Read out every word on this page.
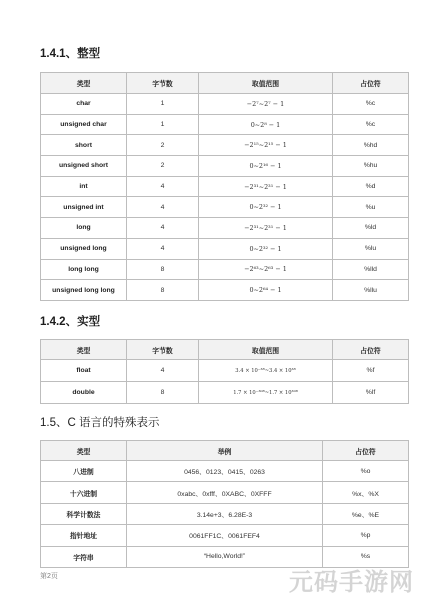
1.4.1、整型
类型	字节数	取值范围	占位符
char	1	−2⁷~2⁷ − 1	%c
unsigned char	1	0~2⁸ − 1	%c
short	2	−2¹⁵~2¹⁵ − 1	%hd
unsigned short	2	0~2¹⁶ − 1	%hu
int	4	−2³¹~2³¹ − 1	%d
unsigned int	4	0~2³² − 1	%u
long	4	−2³¹~2³¹ − 1	%ld
unsigned long	4	0~2³² − 1	%lu
long long	8	−2⁶³~2⁶³ − 1	%lld
unsigned long long	8	0~2⁶⁴ − 1	%llu
1.4.2、实型
类型	字节数	取值范围	占位符
float	4	3.4 × 10⁻³⁸~3.4 × 10³⁸	%f
double	8	1.7 × 10⁻³⁰⁸~1.7 × 10³⁰⁸	%lf
1.5、C 语言的特殊表示
类型	举例	占位符
八进制	0456、0123、0415、0263	%o
十六进制	0xabc、0xfff、0XABC、0XFFF	%x、%X
科学计数法	3.14e+3、6.28E-3	%e、%E
指针地址	0061FF1C、0061FEF4	%p
字符串	“Hello,World!”	%s
第2页	元码手游网
